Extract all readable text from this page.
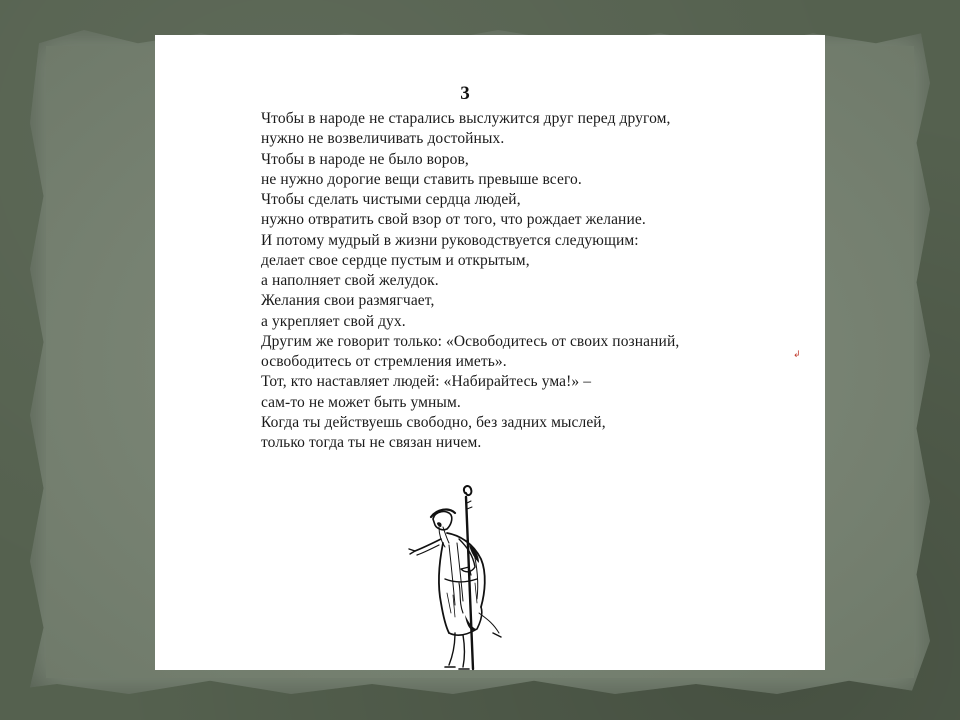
3
Чтобы в народе не старались выслужится друг перед другом,
нужно не возвеличивать достойных.
Чтобы в народе не было воров,
не нужно дорогие вещи ставить превыше всего.
Чтобы сделать чистыми сердца людей,
нужно отвратить свой взор от того, что рождает желание.
И потому мудрый в жизни руководствуется следующим:
делает свое сердце пустым и открытым,
а наполняет свой желудок.
Желания свои размягчает,
а укрепляет свой дух.
Другим же говорит только: «Освободитесь от своих познаний,
освободитесь от стремления иметь».
Тот, кто наставляет людей: «Набирайтесь ума!» –
сам-то не может быть умным.
Когда ты действуешь свободно, без задних мыслей,
только тогда ты не связан ничем.
↲
